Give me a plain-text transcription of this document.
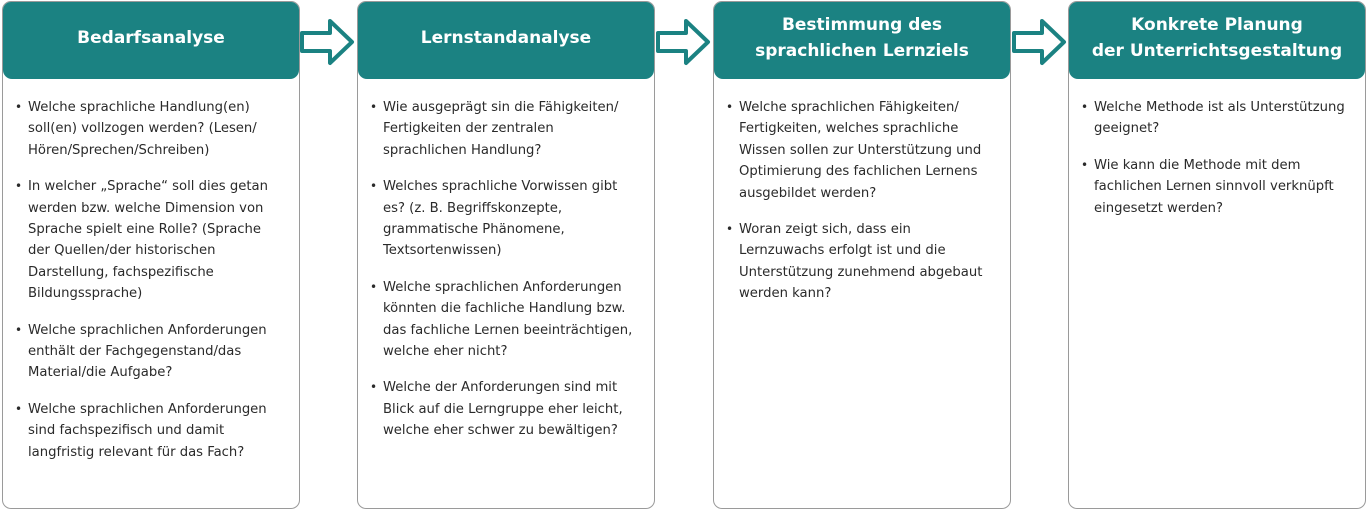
Bedarfsanalyse
• Welche sprachliche Handlung(en) soll(en) vollzogen werden? (Lesen/ Hören/Sprechen/Schreiben)
• In welcher „Sprache“ soll dies getan werden bzw. welche Dimension von Sprache spielt eine Rolle? (Sprache der Quellen/der historischen Darstellung, fachspezifische Bildungssprache)
• Welche sprachlichen Anforderungen enthält der Fachgegenstand/das Material/die Aufgabe?
• Welche sprachlichen Anforderungen sind fachspezifisch und damit langfristig relevant für das Fach?
Lernstandanalyse
• Wie ausgeprägt sin die Fähigkeiten/ Fertigkeiten der zentralen sprachlichen Handlung?
• Welches sprachliche Vorwissen gibt es? (z. B. Begriffskonzepte, grammatische Phänomene, Textsortenwissen)
• Welche sprachlichen Anforderungen könnten die fachliche Handlung bzw. das fachliche Lernen beeinträchtigen, welche eher nicht?
• Welche der Anforderungen sind mit Blick auf die Lerngruppe eher leicht, welche eher schwer zu bewältigen?
Bestimmung des
sprachlichen Lernziels
• Welche sprachlichen Fähigkeiten/ Fertigkeiten, welches sprachliche Wissen sollen zur Unterstützung und Optimierung des fachlichen Lernens ausgebildet werden?
• Woran zeigt sich, dass ein Lernzuwachs erfolgt ist und die Unterstützung zunehmend abgebaut werden kann?
Konkrete Planung
der Unterrichtsgestaltung
• Welche Methode ist als Unterstützung geeignet?
• Wie kann die Methode mit dem fachlichen Lernen sinnvoll verknüpft eingesetzt werden?
